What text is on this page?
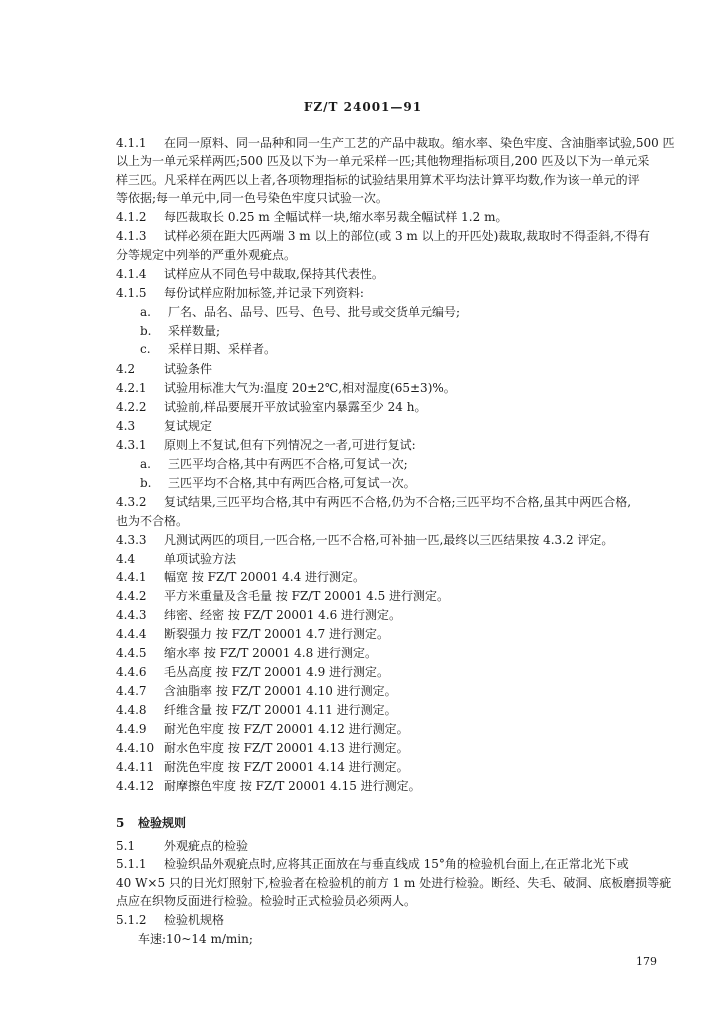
FZ/T 24001—91
4.1.1 在同一原料、同一品种和同一生产工艺的产品中裁取。缩水率、染色牢度、含油脂率试验,500 匹
以上为一单元采样两匹;500 匹及以下为一单元采样一匹;其他物理指标项目,200 匹及以下为一单元采
样三匹。凡采样在两匹以上者,各项物理指标的试验结果用算术平均法计算平均数,作为该一单元的评
等依据;每一单元中,同一色号染色牢度只试验一次。
4.1.2 每匹裁取长 0.25 m 全幅试样一块,缩水率另裁全幅试样 1.2 m。
4.1.3 试样必须在距大匹两端 3 m 以上的部位(或 3 m 以上的开匹处)裁取,裁取时不得歪斜,不得有
分等规定中列举的严重外观疵点。
4.1.4 试样应从不同色号中裁取,保持其代表性。
4.1.5 每份试样应附加标签,并记录下列资料:
a. 厂名、品名、品号、匹号、色号、批号或交货单元编号;
b. 采样数量;
c. 采样日期、采样者。
4.2 试验条件
4.2.1 试验用标准大气为:温度 20±2℃,相对湿度(65±3)%。
4.2.2 试验前,样品要展开平放试验室内暴露至少 24 h。
4.3 复试规定
4.3.1 原则上不复试,但有下列情况之一者,可进行复试:
a. 三匹平均合格,其中有两匹不合格,可复试一次;
b. 三匹平均不合格,其中有两匹合格,可复试一次。
4.3.2 复试结果,三匹平均合格,其中有两匹不合格,仍为不合格;三匹平均不合格,虽其中两匹合格,
也为不合格。
4.3.3 凡测试两匹的项目,一匹合格,一匹不合格,可补抽一匹,最终以三匹结果按 4.3.2 评定。
4.4 单项试验方法
4.4.1 幅宽 按 FZ/T 20001 4.4 进行测定。
4.4.2 平方米重量及含毛量 按 FZ/T 20001 4.5 进行测定。
4.4.3 纬密、经密 按 FZ/T 20001 4.6 进行测定。
4.4.4 断裂强力 按 FZ/T 20001 4.7 进行测定。
4.4.5 缩水率 按 FZ/T 20001 4.8 进行测定。
4.4.6 毛丛高度 按 FZ/T 20001 4.9 进行测定。
4.4.7 含油脂率 按 FZ/T 20001 4.10 进行测定。
4.4.8 纤维含量 按 FZ/T 20001 4.11 进行测定。
4.4.9 耐光色牢度 按 FZ/T 20001 4.12 进行测定。
4.4.10 耐水色牢度 按 FZ/T 20001 4.13 进行测定。
4.4.11 耐洗色牢度 按 FZ/T 20001 4.14 进行测定。
4.4.12 耐摩擦色牢度 按 FZ/T 20001 4.15 进行测定。
5 检验规则
5.1 外观疵点的检验
5.1.1 检验织品外观疵点时,应将其正面放在与垂直线成 15°角的检验机台面上,在正常北光下或
40 W×5 只的日光灯照射下,检验者在检验机的前方 1 m 处进行检验。断经、失毛、破洞、底板磨损等疵
点应在织物反面进行检验。检验时正式检验员必须两人。
5.1.2 检验机规格
车速:10~14 m/min;
179
